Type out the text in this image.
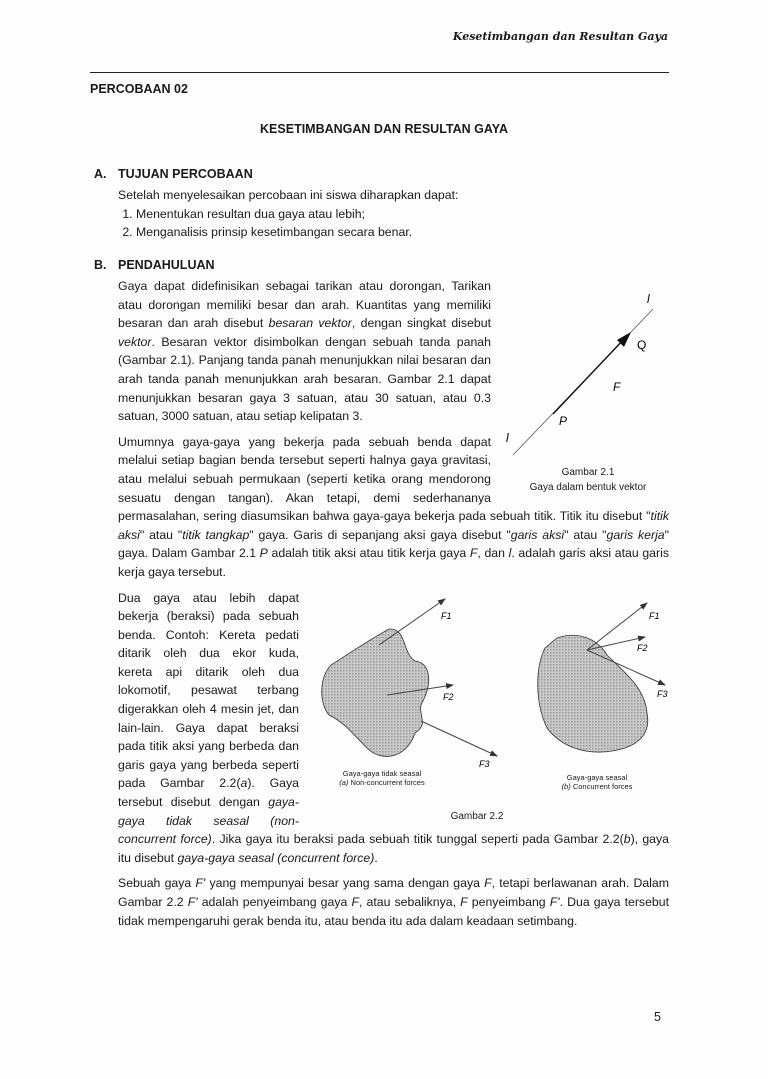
Kesetimbangan dan Resultan Gaya
PERCOBAAN 02
KESETIMBANGAN DAN RESULTAN GAYA
A. TUJUAN PERCOBAAN
Setelah menyelesaikan percobaan ini siswa diharapkan dapat:
1. Menentukan resultan dua gaya atau lebih;
2. Menganalisis prinsip kesetimbangan secara benar.
B. PENDAHULUAN
l
l
Q
F
P
Gambar 2.1
Gaya dalam bentuk vektor

Gaya dapat didefinisikan sebagai tarikan atau dorongan, Tarikan atau dorongan memiliki besar dan arah. Kuantitas yang memiliki besaran dan arah disebut besaran vektor, dengan singkat disebut vektor. Besaran vektor disimbolkan dengan sebuah tanda panah (Gambar 2.1). Panjang tanda panah menunjukkan nilai besaran dan arah tanda panah menunjukkan arah besaran. Gambar 2.1 dapat menunjukkan besaran gaya 3 satuan, atau 30 satuan, atau 0.3 satuan, 3000 satuan, atau setiap kelipatan 3.

Umumnya gaya-gaya yang bekerja pada sebuah benda dapat melalui setiap bagian benda tersebut seperti halnya gaya gravitasi, atau melalui sebuah permukaan (seperti ketika orang mendorong sesuatu dengan tangan). Akan tetapi, demi sederhananya permasalahan, sering diasumsikan bahwa gaya-gaya bekerja pada sebuah titik. Titik itu disebut "titik aksi" atau "titik tangkap" gaya. Garis di sepanjang aksi gaya disebut "garis aksi" atau "garis kerja" gaya. Dalam Gambar 2.1 P adalah titik aksi atau titik kerja gaya F, dan l. adalah garis aksi atau garis kerja gaya tersebut.

F1
F2
F3
F1
F2
F3
Gaya-gaya tidak seasal
(a) Non-concurrent forces
Gaya-gaya seasal
(b) Concurrent forces
Gambar 2.2

Dua gaya atau lebih dapat bekerja (beraksi) pada sebuah benda. Contoh: Kereta pedati ditarik oleh dua ekor kuda, kereta api ditarik oleh dua lokomotif, pesawat terbang digerakkan oleh 4 mesin jet, dan lain-lain. Gaya dapat beraksi pada titik aksi yang berbeda dan garis gaya yang berbeda seperti pada Gambar 2.2(a). Gaya tersebut disebut dengan gaya-gaya tidak seasal (non-concurrent force). Jika gaya itu beraksi pada sebuah titik tunggal seperti pada Gambar 2.2(b), gaya itu disebut gaya-gaya seasal (concurrent force).

Sebuah gaya F' yang mempunyai besar yang sama dengan gaya F, tetapi berlawanan arah. Dalam Gambar 2.2 F' adalah penyeimbang gaya F, atau sebaliknya, F penyeimbang F'. Dua gaya tersebut tidak mempengaruhi gerak benda itu, atau benda itu ada dalam keadaan setimbang.

5
